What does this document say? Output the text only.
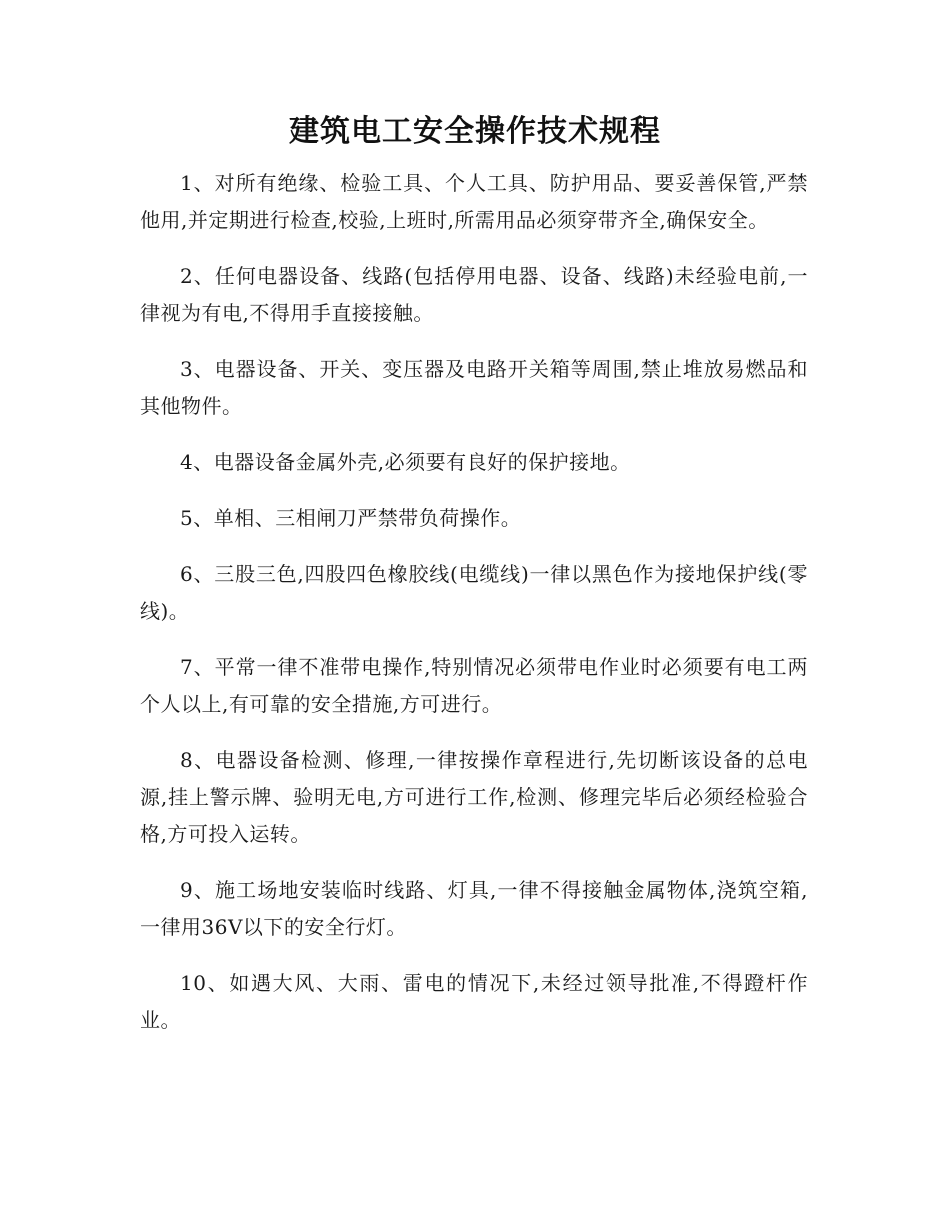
建筑电工安全操作技术规程

1、对所有绝缘、检验工具、个人工具、防护用品、要妥善保管,严禁他用,并定期进行检查,校验,上班时,所需用品必须穿带齐全,确保安全。

2、任何电器设备、线路(包括停用电器、设备、线路)未经验电前,一律视为有电,不得用手直接接触。

3、电器设备、开关、变压器及电路开关箱等周围,禁止堆放易燃品和其他物件。

4、电器设备金属外壳,必须要有良好的保护接地。

5、单相、三相闸刀严禁带负荷操作。

6、三股三色,四股四色橡胶线(电缆线)一律以黑色作为接地保护线(零线)。

7、平常一律不准带电操作,特别情况必须带电作业时必须要有电工两个人以上,有可靠的安全措施,方可进行。

8、电器设备检测、修理,一律按操作章程进行,先切断该设备的总电源,挂上警示牌、验明无电,方可进行工作,检测、修理完毕后必须经检验合格,方可投入运转。

9、施工场地安装临时线路、灯具,一律不得接触金属物体,浇筑空箱,一律用36V以下的安全行灯。

10、如遇大风、大雨、雷电的情况下,未经过领导批准,不得蹬杆作业。
